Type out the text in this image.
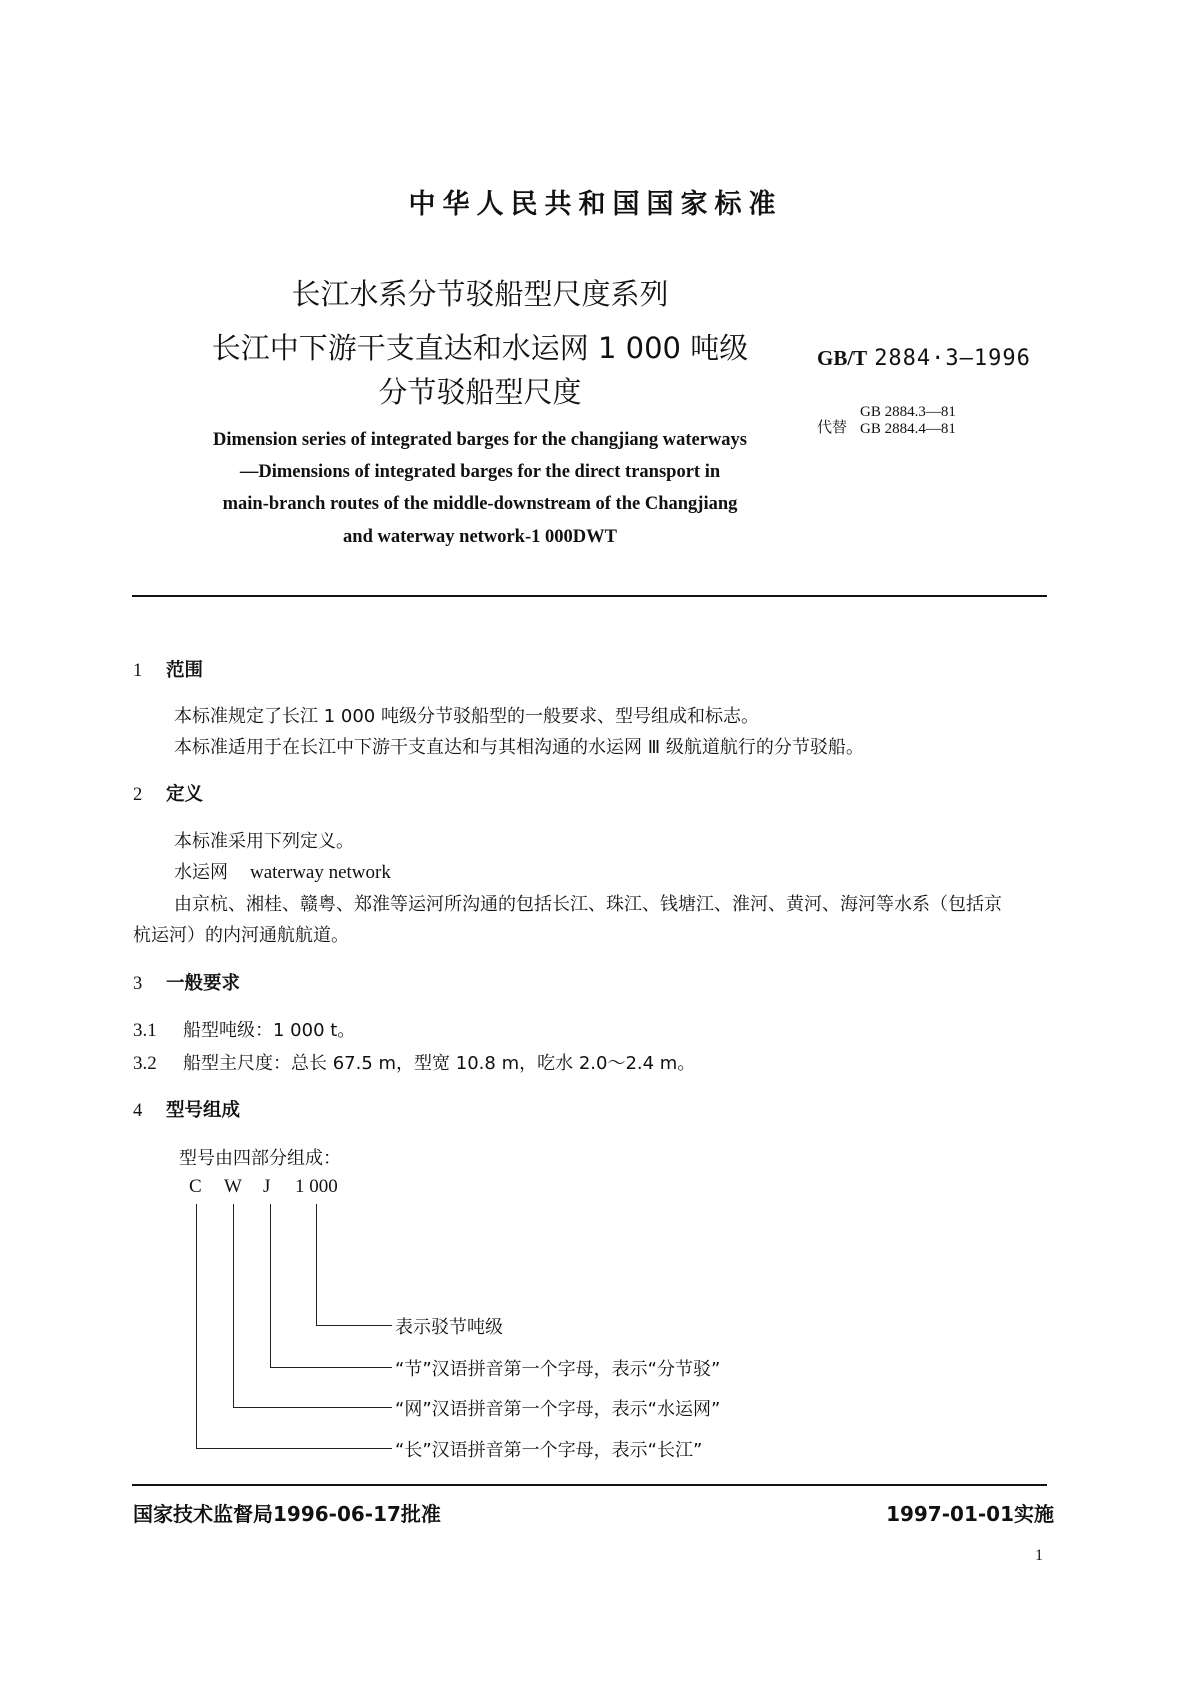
中华人民共和国国家标准
长江水系分节驳船型尺度系列
长江中下游干支直达和水运网 1 000 吨级
分节驳船型尺度
GB/T 2884·3—1996
代替
GB 2884.3—81
GB 2884.4—81
Dimension series of integrated barges for the changjiang waterways
—Dimensions of integrated barges for the direct transport in
main-branch routes of the middle-downstream of the Changjiang
and waterway network-1 000DWT
1 范围
本标准规定了长江 1 000 吨级分节驳船型的一般要求、型号组成和标志。
本标准适用于在长江中下游干支直达和与其相沟通的水运网 Ⅲ 级航道航行的分节驳船。
2 定义
本标准采用下列定义。
水运网 waterway network
由京杭、湘桂、赣粤、郑淮等运河所沟通的包括长江、珠江、钱塘江、淮河、黄河、海河等水系（包括京
杭运河）的内河通航航道。
3 一般要求
3.1 船型吨级：1 000 t。
3.2 船型主尺度：总长 67.5 m，型宽 10.8 m，吃水 2.0～2.4 m。
4 型号组成
型号由四部分组成：
C W J 1 000
表示驳节吨级
“节”汉语拼音第一个字母，表示“分节驳”
“网”汉语拼音第一个字母，表示“水运网”
“长”汉语拼音第一个字母，表示“长江”
国家技术监督局1996-06-17批准	1997-01-01实施
1
